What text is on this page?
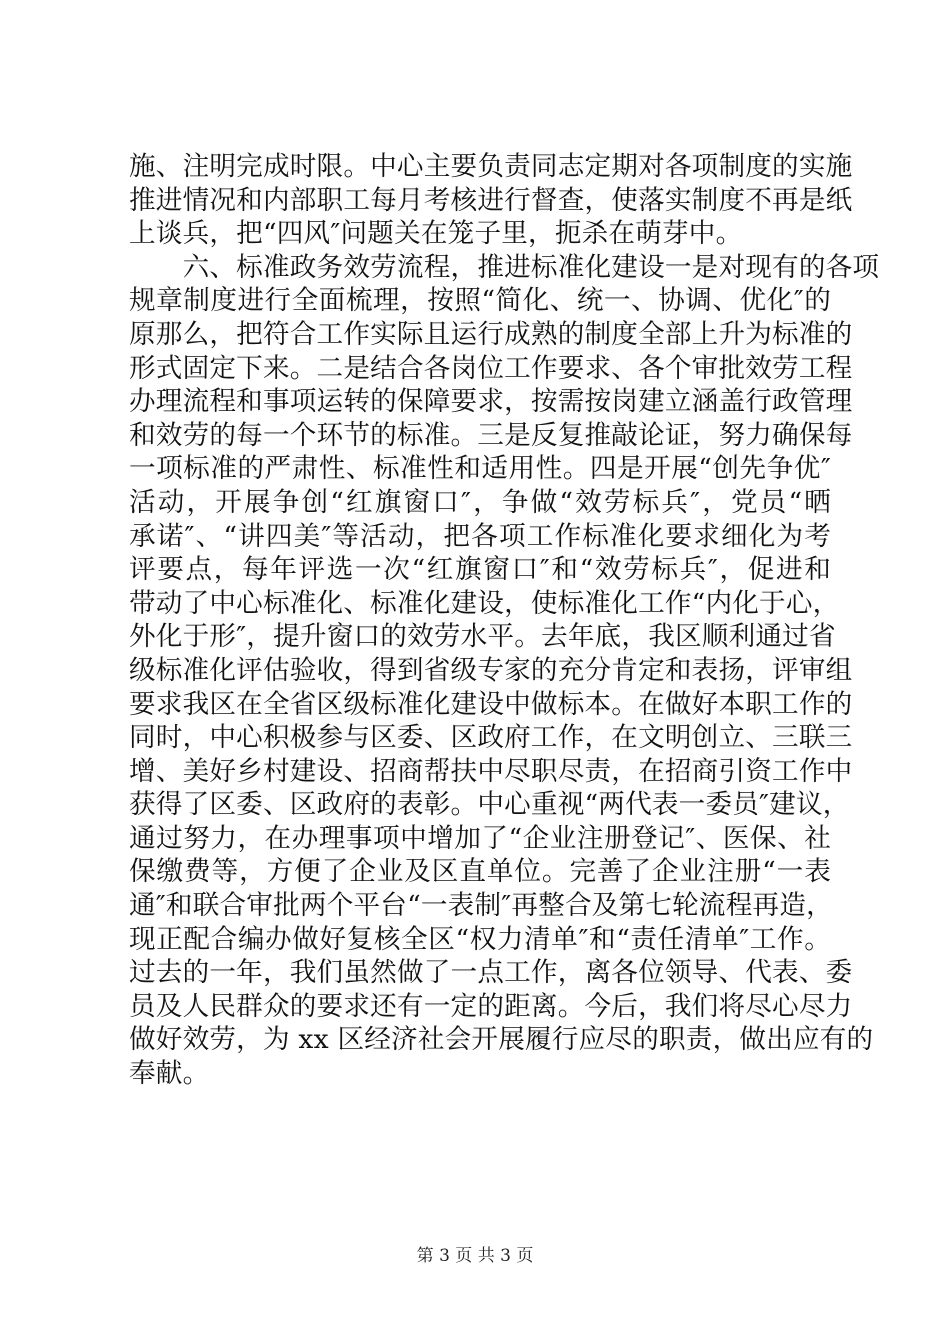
施、注明完成时限。中心主要负责同志定期对各项制度的实施
推进情况和内部职工每月考核进行督查，使落实制度不再是纸
上谈兵，把“四风″问题关在笼子里，扼杀在萌芽中。
　　六、标准政务效劳流程，推进标准化建设一是对现有的各项
规章制度进行全面梳理，按照“简化、统一、协调、优化″的
原那么，把符合工作实际且运行成熟的制度全部上升为标准的
形式固定下来。二是结合各岗位工作要求、各个审批效劳工程
办理流程和事项运转的保障要求，按需按岗建立涵盖行政管理
和效劳的每一个环节的标准。三是反复推敲论证，努力确保每
一项标准的严肃性、标准性和适用性。四是开展“创先争优″
活动，开展争创“红旗窗口″，争做“效劳标兵″，党员“晒
承诺″、“讲四美″等活动，把各项工作标准化要求细化为考
评要点，每年评选一次“红旗窗口″和“效劳标兵″，促进和
带动了中心标准化、标准化建设，使标准化工作“内化于心，
外化于形″，提升窗口的效劳水平。去年底，我区顺利通过省
级标准化评估验收，得到省级专家的充分肯定和表扬，评审组
要求我区在全省区级标准化建设中做标本。在做好本职工作的
同时，中心积极参与区委、区政府工作，在文明创立、三联三
增、美好乡村建设、招商帮扶中尽职尽责，在招商引资工作中
获得了区委、区政府的表彰。中心重视“两代表一委员″建议，
通过努力，在办理事项中增加了“企业注册登记″、医保、社
保缴费等，方便了企业及区直单位。完善了企业注册“一表
通″和联合审批两个平台“一表制″再整合及第七轮流程再造，
现正配合编办做好复核全区“权力清单″和“责任清单″工作。
过去的一年，我们虽然做了一点工作，离各位领导、代表、委
员及人民群众的要求还有一定的距离。今后，我们将尽心尽力
做好效劳，为 xx 区经济社会开展履行应尽的职责，做出应有的
奉献。
第 3 页 共 3 页
